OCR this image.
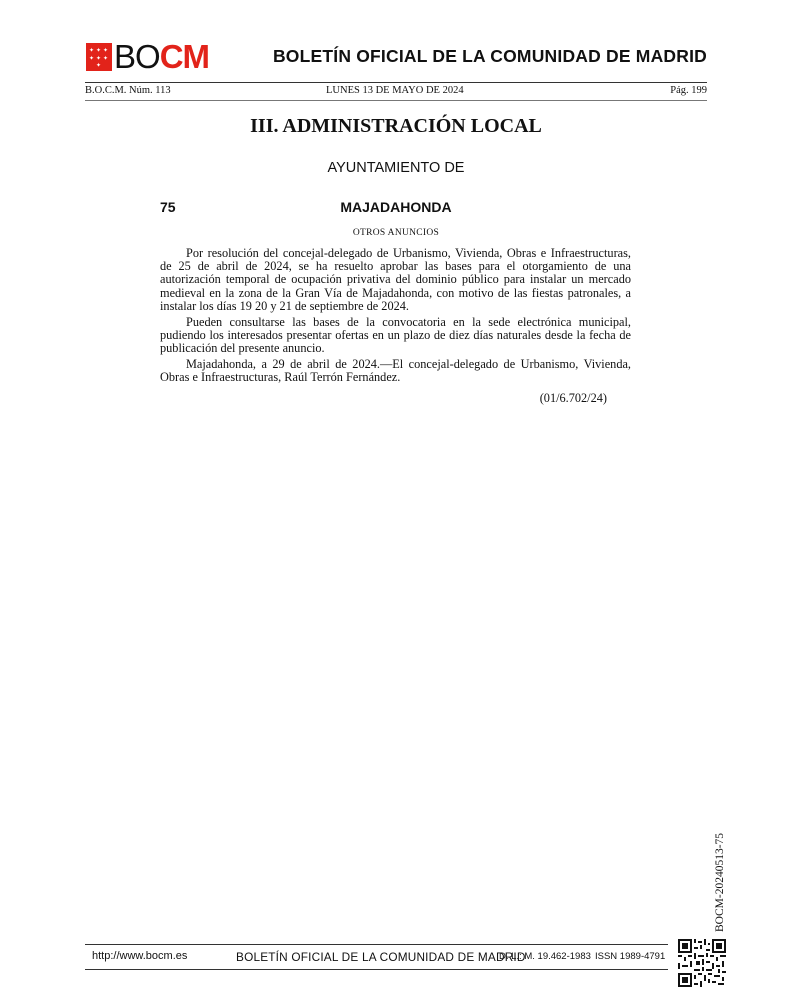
✦ ✦ ✦
✦ ✦ ✦
✦ BOCM	BOLETÍN OFICIAL DE LA COMUNIDAD DE MADRID
B.O.C.M. Núm. 113	LUNES 13 DE MAYO DE 2024	Pág. 199
III. ADMINISTRACIÓN LOCAL
AYUNTAMIENTO DE
75	MAJADAHONDA
OTROS ANUNCIOS

Por resolución del concejal-delegado de Urbanismo, Vivienda, Obras e Infraestructuras, de 25 de abril de 2024, se ha resuelto aprobar las bases para el otorgamiento de una autorización temporal de ocupación privativa del dominio público para instalar un mercado medieval en la zona de la Gran Vía de Majadahonda, con motivo de las fiestas patronales, a instalar los días 19 20 y 21 de septiembre de 2024.

Pueden consultarse las bases de la convocatoria en la sede electrónica municipal, pudiendo los interesados presentar ofertas en un plazo de diez días naturales desde la fecha de publicación del presente anuncio.

Majadahonda, a 29 de abril de 2024.—El concejal-delegado de Urbanismo, Vivienda, Obras e Infraestructuras, Raúl Terrón Fernández.

(01/6.702/24)
BOCM-20240513-75
http://www.bocm.es	BOLETÍN OFICIAL DE LA COMUNIDAD DE MADRID
D. L.: M. 19.462-1983 ISSN 1989-4791
